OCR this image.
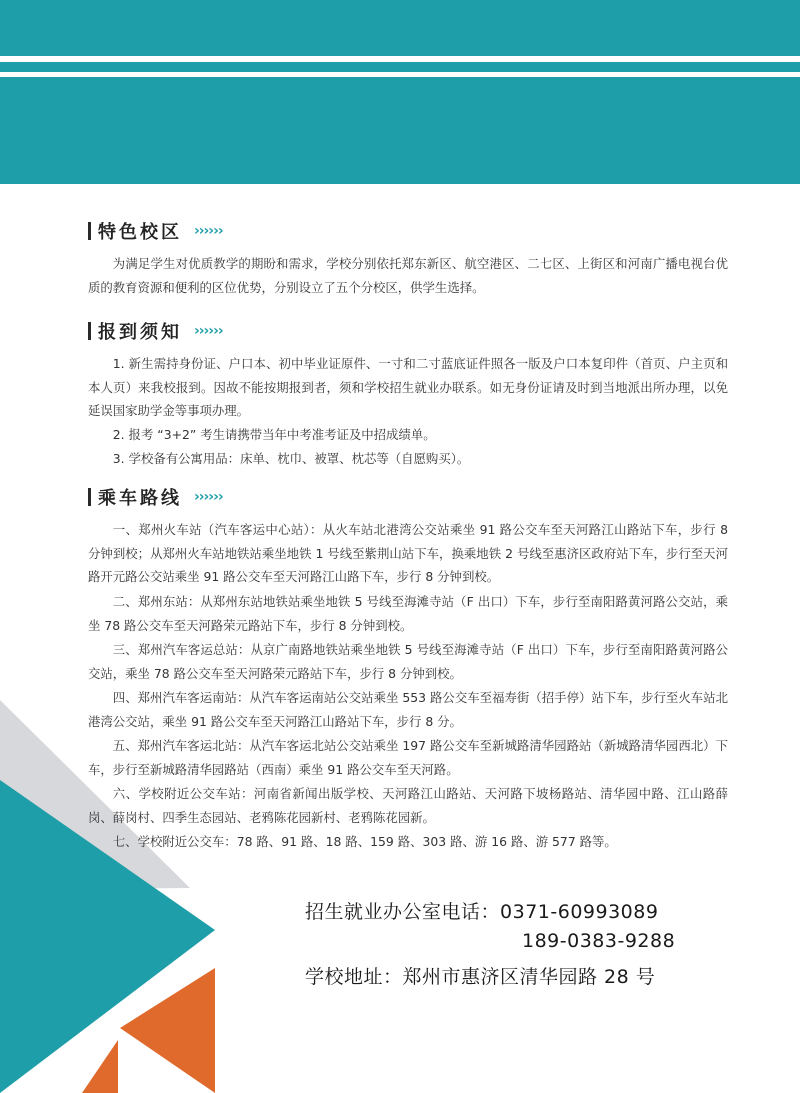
特色校区 ››››››

为满足学生对优质教学的期盼和需求，学校分别依托郑东新区、航空港区、二七区、上街区和河南广播电视台优质的教育资源和便利的区位优势，分别设立了五个分校区，供学生选择。

报到须知 ››››››

1. 新生需持身份证、户口本、初中毕业证原件、一寸和二寸蓝底证件照各一版及户口本复印件（首页、户主页和本人页）来我校报到。因故不能按期报到者，须和学校招生就业办联系。如无身份证请及时到当地派出所办理，以免延误国家助学金等事项办理。

2. 报考 “3+2” 考生请携带当年中考准考证及中招成绩单。

3. 学校备有公寓用品：床单、枕巾、被罩、枕芯等（自愿购买）。

乘车路线 ››››››

一、郑州火车站（汽车客运中心站）：从火车站北港湾公交站乘坐 91 路公交车至天河路江山路站下车，步行 8 分钟到校；从郑州火车站地铁站乘坐地铁 1 号线至紫荆山站下车，换乘地铁 2 号线至惠济区政府站下车，步行至天河路开元路公交站乘坐 91 路公交车至天河路江山路下车，步行 8 分钟到校。

二、郑州东站：从郑州东站地铁站乘坐地铁 5 号线至海滩寺站（F 出口）下车，步行至南阳路黄河路公交站，乘坐 78 路公交车至天河路荣元路站下车，步行 8 分钟到校。

三、郑州汽车客运总站：从京广南路地铁站乘坐地铁 5 号线至海滩寺站（F 出口）下车，步行至南阳路黄河路公交站，乘坐 78 路公交车至天河路荣元路站下车，步行 8 分钟到校。

四、郑州汽车客运南站：从汽车客运南站公交站乘坐 553 路公交车至福寿街（招手停）站下车，步行至火车站北港湾公交站，乘坐 91 路公交车至天河路江山路站下车，步行 8 分。

五、郑州汽车客运北站：从汽车客运北站公交站乘坐 197 路公交车至新城路清华园路站（新城路清华园西北）下车，步行至新城路清华园路站（西南）乘坐 91 路公交车至天河路。

六、学校附近公交车站：河南省新闻出版学校、天河路江山路站、天河路下坡杨路站、清华园中路、江山路薛岗、薛岗村、四季生态园站、老鸦陈花园新村、老鸦陈花园新。

七、学校附近公交车：78 路、91 路、18 路、159 路、303 路、游 16 路、游 577 路等。

招生就业办公室电话：0371-60993089
189-0383-9288
学校地址：郑州市惠济区清华园路 28 号
